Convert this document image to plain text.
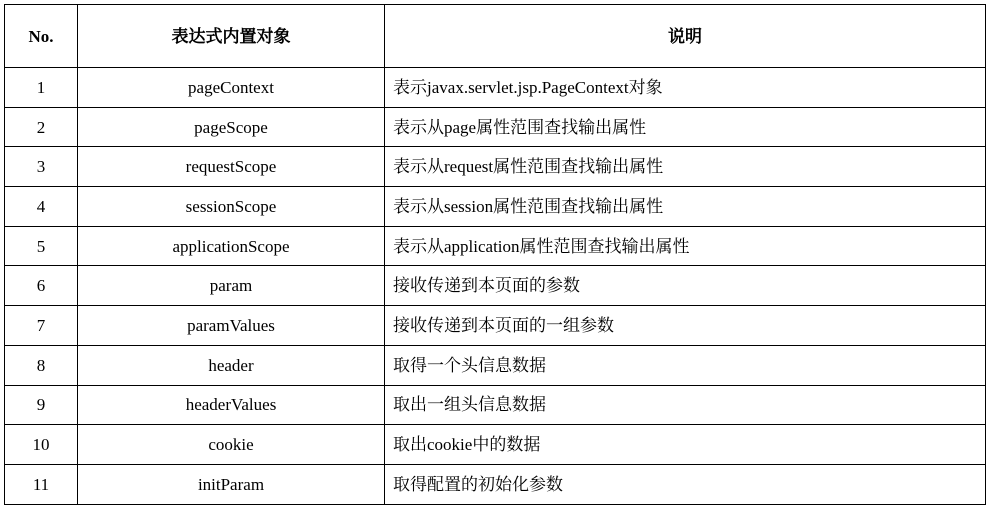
No.	表达式内置对象	说明
1	pageContext	表示javax.servlet.jsp.PageContext对象
2	pageScope	表示从page属性范围查找输出属性
3	requestScope	表示从request属性范围查找输出属性
4	sessionScope	表示从session属性范围查找输出属性
5	applicationScope	表示从application属性范围查找输出属性
6	param	接收传递到本页面的参数
7	paramValues	接收传递到本页面的一组参数
8	header	取得一个头信息数据
9	headerValues	取出一组头信息数据
10	cookie	取出cookie中的数据
11	initParam	取得配置的初始化参数
